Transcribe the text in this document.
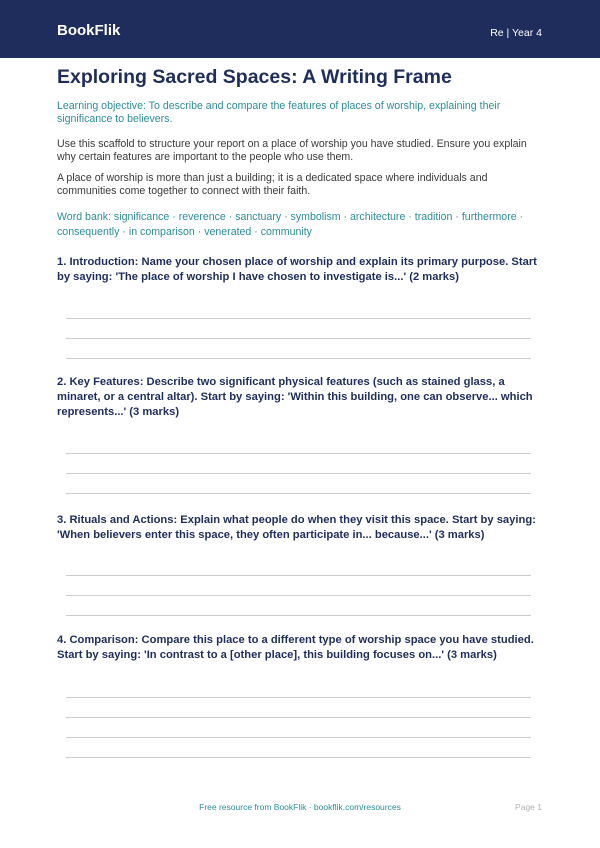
BookFlik	Re | Year 4
Exploring Sacred Spaces: A Writing Frame

Learning objective: To describe and compare the features of places of worship, explaining their significance to believers.

Use this scaffold to structure your report on a place of worship you have studied. Ensure you explain why certain features are important to the people who use them.

A place of worship is more than just a building; it is a dedicated space where individuals and communities come together to connect with their faith.

Word bank: significance · reverence · sanctuary · symbolism · architecture · tradition · furthermore · consequently · in comparison · venerated · community

1. Introduction: Name your chosen place of worship and explain its primary purpose. Start by saying: 'The place of worship I have chosen to investigate is...' (2 marks)

2. Key Features: Describe two significant physical features (such as stained glass, a minaret, or a central altar). Start by saying: 'Within this building, one can observe... which represents...' (3 marks)

3. Rituals and Actions: Explain what people do when they visit this space. Start by saying: 'When believers enter this space, they often participate in... because...' (3 marks)

4. Comparison: Compare this place to a different type of worship space you have studied. Start by saying: 'In contrast to a [other place], this building focuses on...' (3 marks)

Free resource from BookFlik · bookflik.com/resources	Page 1
